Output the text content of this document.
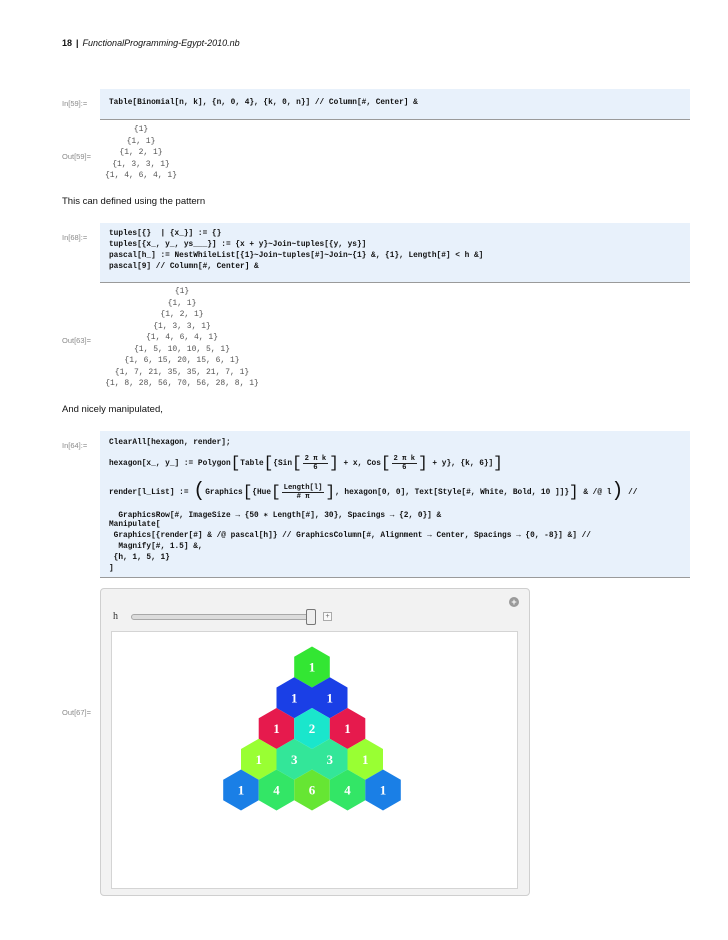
18 | FunctionalProgramming-Egypt-2010.nb
In[59]:=	Table[Binomial[n, k], {n, 0, 4}, {k, 0, n}] // Column[#, Center] &
Out[59]=
{1}
{1, 1}
{1, 2, 1}
{1, 3, 3, 1}
{1, 4, 6, 4, 1}
This can defined using the pattern
In[68]:=	tuples[{}  | {x_}] := {}
tuples[{x_, y_, ys___}] := {x + y}~Join~tuples[{y, ys}]
pascal[h_] := NestWhileList[{1}~Join~tuples[#]~Join~{1} &, {1}, Length[#] < h &]
pascal[9] // Column[#, Center] &
Out[63]=
{1}
{1, 1}
{1, 2, 1}
{1, 3, 3, 1}
{1, 4, 6, 4, 1}
{1, 5, 10, 10, 5, 1}
{1, 6, 15, 20, 15, 6, 1}
{1, 7, 21, 35, 35, 21, 7, 1}
{1, 8, 28, 56, 70, 56, 28, 8, 1}
And nicely manipulated,
In[64]:=	ClearAll[hexagon, render];
hexagon[x_, y_] := Polygon[Table[{Sin[ $\frac{\text{2 π k}}{6}$ ] + x, $Cos[ \frac{\text{2 π k}}{6}$ ] + y}, {k, 6}]]
render[l_List] := (Graphics[{Hue[ $\frac{\text{Length[l]}}{\# \pi}$ ], hexagon[0, 0], Text[Style[#, White, Bold, 10 ]]}] & /@ l) //
GraphicsRow[#, ImageSize → {50 ∗ Length[#], 30}, Spacings → {2, 0}] &
Manipulate[
Graphics[{render[#] & /@ pascal[h]} // GraphicsColumn[#, Alignment → Center, Spacings → {0, -8}] &] //
Magnify[#, 1.5] &,
{h, 1, 5, 1}
]
Out[67]=
+
h	+
1
1 1
1 2 1
1 3 3 1
1 4 6 4 1
